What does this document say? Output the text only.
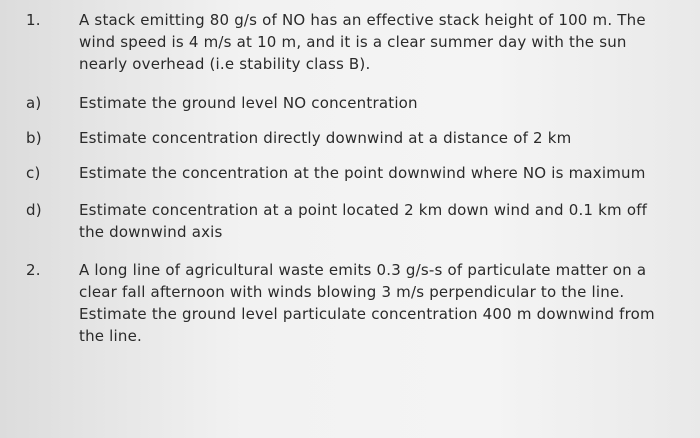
1.	A stack emitting 80 g/s of NO has an effective stack height of 100 m. The
wind speed is 4 m/s at 10 m, and it is a clear summer day with the sun
nearly overhead (i.e stability class B).
a)	Estimate the ground level NO concentration
b)	Estimate concentration directly downwind at a distance of 2 km
c)	Estimate the concentration at the point downwind where NO is maximum
d)	Estimate concentration at a point located 2 km down wind and 0.1 km off
the downwind axis
2.	A long line of agricultural waste emits 0.3 g/s-s of particulate matter on a
clear fall afternoon with winds blowing 3 m/s perpendicular to the line.
Estimate the ground level particulate concentration 400 m downwind from
the line.
